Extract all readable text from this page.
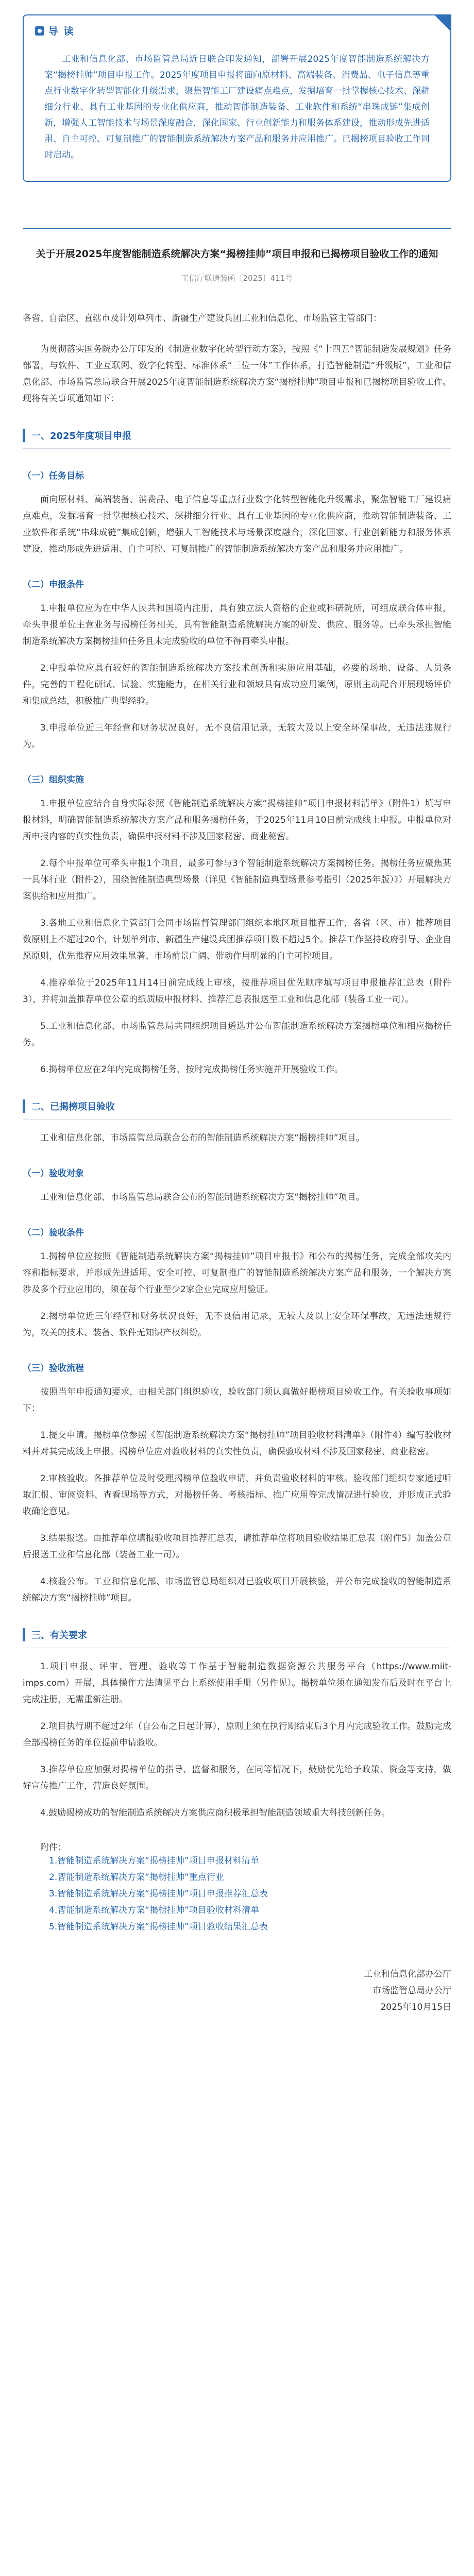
导 读

工业和信息化部、市场监管总局近日联合印发通知，部署开展2025年度智能制造系统解决方案“揭榜挂帅”项目申报工作。2025年度项目申报将面向原材料、高端装备、消费品、电子信息等重点行业数字化转型智能化升级需求，聚焦智能工厂建设痛点难点，发掘培育一批掌握核心技术、深耕细分行业、具有工业基因的专业化供应商，推动智能制造装备、工业软件和系统“串珠成链”集成创新，增强人工智能技术与场景深度融合，深化国家、行业创新能力和服务体系建设，推动形成先进适用、自主可控、可复制推广的智能制造系统解决方案产品和服务并应用推广。已揭榜项目验收工作同时启动。

关于开展2025年度智能制造系统解决方案“揭榜挂帅”项目申报和已揭榜项目验收工作的通知
工信厅联通装函〔2025〕411号

各省、自治区、直辖市及计划单列市、新疆生产建设兵团工业和信息化、市场监管主管部门：

为贯彻落实国务院办公厅印发的《制造业数字化转型行动方案》，按照《“十四五”智能制造发展规划》任务部署，与软件、工业互联网、数字化转型、标准体系“三位一体”工作体系，打造智能制造“升级版”，工业和信息化部、市场监管总局联合开展2025年度智能制造系统解决方案“揭榜挂帅”项目申报和已揭榜项目验收工作。现将有关事项通知如下：

一、2025年度项目申报
（一）任务目标

面向原材料、高端装备、消费品、电子信息等重点行业数字化转型智能化升级需求，聚焦智能工厂建设痛点难点，发掘培育一批掌握核心技术、深耕细分行业、具有工业基因的专业化供应商，推动智能制造装备、工业软件和系统“串珠成链”集成创新，增强人工智能技术与场景深度融合，深化国家、行业创新能力和服务体系建设，推动形成先进适用、自主可控、可复制推广的智能制造系统解决方案产品和服务并应用推广。

（二）申报条件

1.申报单位应为在中华人民共和国境内注册，具有独立法人资格的企业或科研院所，可组成联合体申报，牵头申报单位主营业务与揭榜任务相关，具有智能制造系统解决方案的研发、供应、服务等。已牵头承担智能制造系统解决方案揭榜挂帅任务且未完成验收的单位不得再牵头申报。

2.申报单位应具有较好的智能制造系统解决方案技术创新和实施应用基础，必要的场地、设备、人员条件，完善的工程化研试、试验、实施能力，在相关行业和领域具有成功应用案例，原则主动配合开展现场评价和集成总结，积极推广典型经验。

3.申报单位近三年经营和财务状况良好，无不良信用记录，无较大及以上安全环保事故，无违法违规行为。

（三）组织实施

1.申报单位应结合自身实际参照《智能制造系统解决方案“揭榜挂帅”项目申报材料清单》（附件1）填写申报材料，明确智能制造系统解决方案产品和服务揭榜任务，于2025年11月10日前完成线上申报。申报单位对所申报内容的真实性负责，确保申报材料不涉及国家秘密、商业秘密。

2.每个申报单位可牵头申报1个项目，最多可参与3个智能制造系统解决方案揭榜任务。揭榜任务应聚焦某一具体行业（附件2），围绕智能制造典型场景（详见《智能制造典型场景参考指引（2025年版）》）开展解决方案供给和应用推广。

3.各地工业和信息化主管部门会同市场监督管理部门组织本地区项目推荐工作，各省（区、市）推荐项目数原则上不超过20个，计划单列市、新疆生产建设兵团推荐项目数不超过5个。推荐工作坚持政府引导、企业自愿原则，优先推荐应用效果显著、市场前景广阔、带动作用明显的自主可控项目。

4.推荐单位于2025年11月14日前完成线上审核，按推荐项目优先顺序填写项目申报推荐汇总表（附件3），并将加盖推荐单位公章的纸质版申报材料、推荐汇总表报送至工业和信息化部（装备工业一司）。

5.工业和信息化部、市场监管总局共同组织项目遴选并公布智能制造系统解决方案揭榜单位和相应揭榜任务。

6.揭榜单位应在2年内完成揭榜任务，按时完成揭榜任务实施并开展验收工作。

二、已揭榜项目验收

工业和信息化部、市场监管总局联合公布的智能制造系统解决方案“揭榜挂帅”项目。

（一）验收对象

工业和信息化部、市场监管总局联合公布的智能制造系统解决方案“揭榜挂帅”项目。

（二）验收条件

1.揭榜单位应按照《智能制造系统解决方案“揭榜挂帅”项目申报书》和公布的揭榜任务，完成全部攻关内容和指标要求，并形成先进适用、安全可控、可复制推广的智能制造系统解决方案产品和服务，一个解决方案涉及多个行业应用的，须在每个行业至少2家企业完成应用验证。

2.揭榜单位近三年经营和财务状况良好，无不良信用记录，无较大及以上安全环保事故，无违法违规行为，攻关的技术、装备、软件无知识产权纠纷。

（三）验收流程

按照当年申报通知要求，由相关部门组织验收，验收部门须认真做好揭榜项目验收工作。有关验收事项如下：

1.提交申请。揭榜单位参照《智能制造系统解决方案“揭榜挂帅”项目验收材料清单》（附件4）编写验收材料并对其完成线上申报。揭榜单位应对验收材料的真实性负责，确保验收材料不涉及国家秘密、商业秘密。

2.审核验收。各推荐单位及时受理揭榜单位验收申请，并负责验收材料的审核。验收部门组织专家通过听取汇报、审阅资料、查看现场等方式，对揭榜任务、考核指标、推广应用等完成情况进行验收，并形成正式验收确论意见。

3.结果报送。由推荐单位填报验收项目推荐汇总表，请推荐单位将项目验收结果汇总表（附件5）加盖公章后报送工业和信息化部（装备工业一司）。

4.核验公布。工业和信息化部、市场监管总局组织对已验收项目开展核验，并公布完成验收的智能制造系统解决方案“揭榜挂帅”项目。

三、有关要求

1.项目申报、评审、管理、验收等工作基于智能制造数据资源公共服务平台（https://www.miit-imps.com）开展，具体操作方法请见平台上系统使用手册（另件见）。揭榜单位须在通知发布后及时在平台上完成注册，无需重新注册。

2.项目执行期不超过2年（自公布之日起计算），原则上须在执行期结束后3个月内完成验收工作。鼓励完成全部揭榜任务的单位提前申请验收。

3.推荐单位应加强对揭榜单位的指导、监督和服务，在同等情况下，鼓励优先给予政策、资金等支持，做好宣传推广工作，营造良好氛围。

4.鼓励揭榜成功的智能制造系统解决方案供应商积极承担智能制造领域重大科技创新任务。

附件：

1.智能制造系统解决方案“揭榜挂帅”项目申报材料清单

2.智能制造系统解决方案“揭榜挂帅”重点行业

3.智能制造系统解决方案“揭榜挂帅”项目申报推荐汇总表

4.智能制造系统解决方案“揭榜挂帅”项目验收材料清单

5.智能制造系统解决方案“揭榜挂帅”项目验收结果汇总表

工业和信息化部办公厅

市场监管总局办公厅

2025年10月15日
